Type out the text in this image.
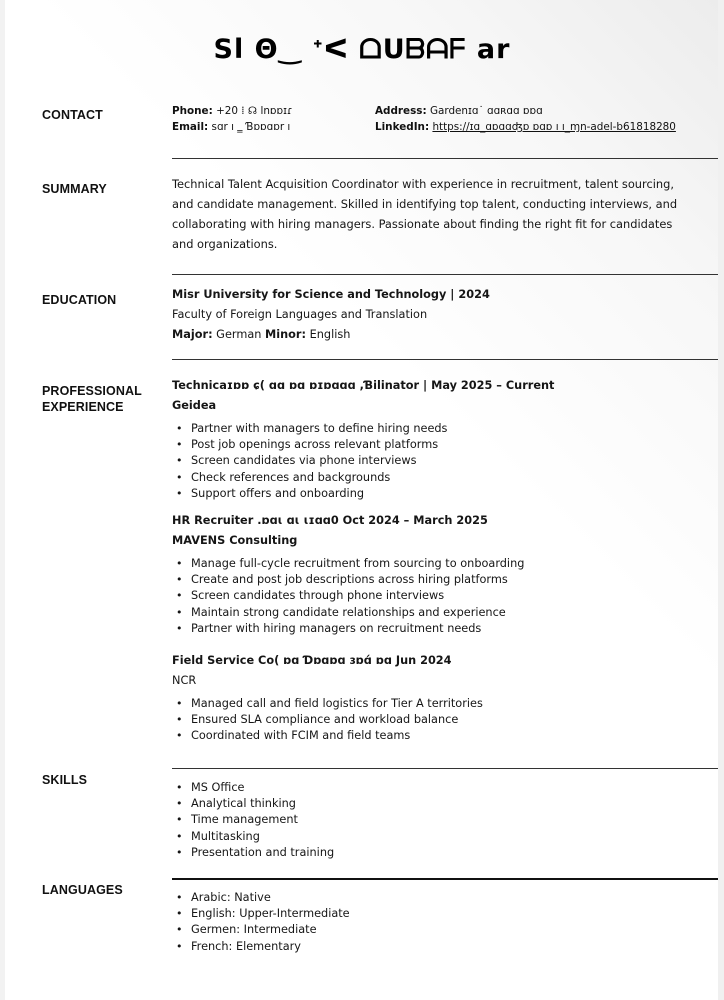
Sl Θ‿ ᐩᐸ ᗝᑌᗷᗩᖴ ar
CONTACT	Phone: +20 ⁞ ☊ lnɒɒɪɾ
Email: sɑr ı ‗ Ɓɒɒɑɒr ı
Address: Gardenɪɑ˙ ɑɑʀɑɑ ɒɒɑ
LinkedIn: https://ɪɑ_ɑɒɑɑʤɒ ɒɑɒ ı ı_ɱn-adel-b61818280
SUMMARY	Technical Talent Acquisition Coordinator with experience in recruitment, talent sourcing,
and candidate management. Skilled in identifying top talent, conducting interviews, and
collaborating with hiring managers. Passionate about finding the right fit for candidates
and organizations.
EDUCATION	Misr University for Science and Technology | 2024
Faculty of Foreign Languages and Translation
Major: German Minor: English
PROFESSIONAL
EXPERIENCE
Technicaɪɒɒ ɕ( ɑɑ ɒɑ ɒɪɒɑɑɑ ,Ɓilinator | May 2025 – Current
Geidea
• Partner with managers to define hiring needs
• Post job openings across relevant platforms
• Screen candidates via phone interviews
• Check references and backgrounds
• Support offers and onboarding
HR Recruiter .ɒɑɩ ɑɩ ɩɪɑɑ0 Oct 2024 – March 2025
MAVENS Consulting
• Manage full-cycle recruitment from sourcing to onboarding
• Create and post job descriptions across hiring platforms
• Screen candidates through phone interviews
• Maintain strong candidate relationships and experience
• Partner with hiring managers on recruitment needs
Field Service Co( ɒɑ Ɗɒɑɒɑ ɜɒɑ́ ɒɑ Jun 2024
NCR
• Managed call and field logistics for Tier A territories
• Ensured SLA compliance and workload balance
• Coordinated with FCIM and field teams
SKILLS
• MS Office
• Analytical thinking
• Time management
• Multitasking
• Presentation and training
LANGUAGES
• Arabic: Native
• English: Upper-Intermediate
• Germen: Intermediate
• French: Elementary
